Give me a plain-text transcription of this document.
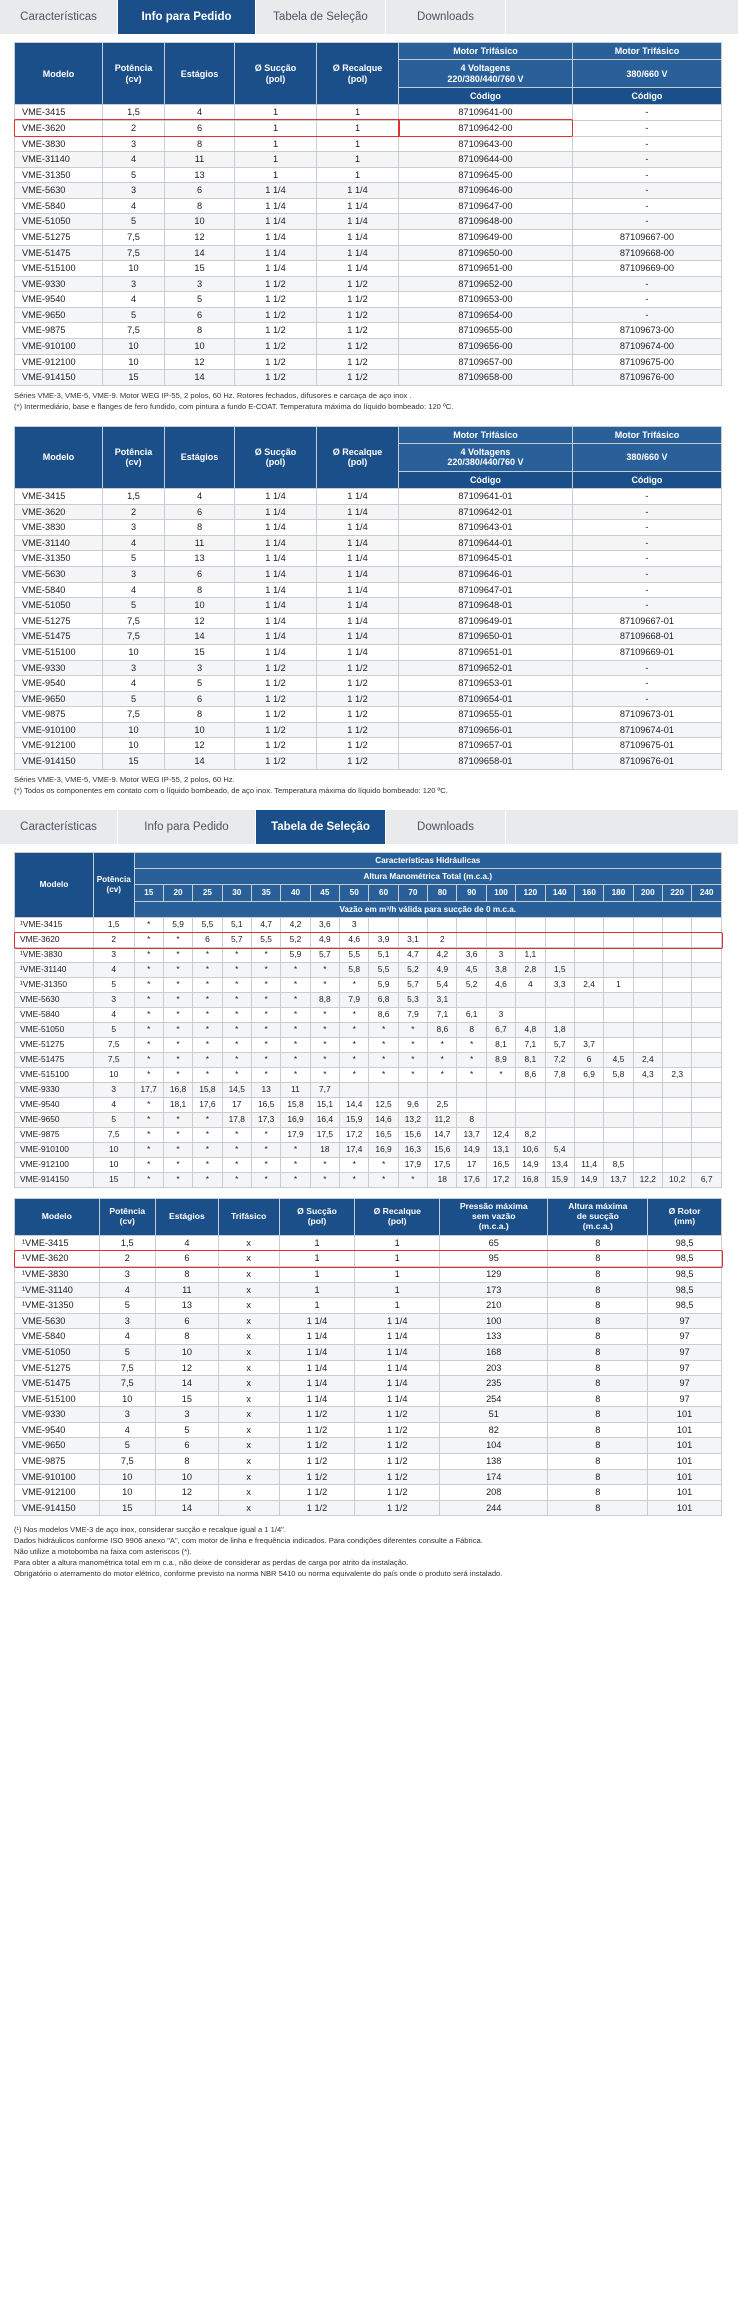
Características	Info para Pedido	Tabela de Seleção	Downloads
Modelo	Potência
(cv)	Estágios	Ø Sucção
(pol)	Ø Recalque
(pol)	Motor Trifásico	Motor Trifásico
					4 Voltagens
220/380/440/760 V	380/660 V
					Código	Código
VME-3415	1,5	4	1	1	87109641-00	-
VME-3620	2	6	1	1	87109642-00	-
VME-3830	3	8	1	1	87109643-00	-
VME-31140	4	11	1	1	87109644-00	-
VME-31350	5	13	1	1	87109645-00	-
VME-5630	3	6	1 1/4	1 1/4	87109646-00	-
VME-5840	4	8	1 1/4	1 1/4	87109647-00	-
VME-51050	5	10	1 1/4	1 1/4	87109648-00	-
VME-51275	7,5	12	1 1/4	1 1/4	87109649-00	87109667-00
VME-51475	7,5	14	1 1/4	1 1/4	87109650-00	87109668-00
VME-515100	10	15	1 1/4	1 1/4	87109651-00	87109669-00
VME-9330	3	3	1 1/2	1 1/2	87109652-00	-
VME-9540	4	5	1 1/2	1 1/2	87109653-00	-
VME-9650	5	6	1 1/2	1 1/2	87109654-00	-
VME-9875	7,5	8	1 1/2	1 1/2	87109655-00	87109673-00
VME-910100	10	10	1 1/2	1 1/2	87109656-00	87109674-00
VME-912100	10	12	1 1/2	1 1/2	87109657-00	87109675-00
VME-914150	15	14	1 1/2	1 1/2	87109658-00	87109676-00
Séries VME-3, VME-5, VME-9. Motor WEG IP-55, 2 polos, 60 Hz. Rotores fechados, difusores e carcaça de aço inox .
(*) Intermediário, base e flanges de fero fundido, com pintura a fundo E-COAT. Temperatura máxima do líquido bombeado: 120 ºC.
Modelo	Potência
(cv)	Estágios	Ø Sucção
(pol)	Ø Recalque
(pol)	Motor Trifásico	Motor Trifásico
					4 Voltagens
220/380/440/760 V	380/660 V
					Código	Código
VME-3415	1,5	4	1 1/4	1 1/4	87109641-01	-
VME-3620	2	6	1 1/4	1 1/4	87109642-01	-
VME-3830	3	8	1 1/4	1 1/4	87109643-01	-
VME-31140	4	11	1 1/4	1 1/4	87109644-01	-
VME-31350	5	13	1 1/4	1 1/4	87109645-01	-
VME-5630	3	6	1 1/4	1 1/4	87109646-01	-
VME-5840	4	8	1 1/4	1 1/4	87109647-01	-
VME-51050	5	10	1 1/4	1 1/4	87109648-01	-
VME-51275	7,5	12	1 1/4	1 1/4	87109649-01	87109667-01
VME-51475	7,5	14	1 1/4	1 1/4	87109650-01	87109668-01
VME-515100	10	15	1 1/4	1 1/4	87109651-01	87109669-01
VME-9330	3	3	1 1/2	1 1/2	87109652-01	-
VME-9540	4	5	1 1/2	1 1/2	87109653-01	-
VME-9650	5	6	1 1/2	1 1/2	87109654-01	-
VME-9875	7,5	8	1 1/2	1 1/2	87109655-01	87109673-01
VME-910100	10	10	1 1/2	1 1/2	87109656-01	87109674-01
VME-912100	10	12	1 1/2	1 1/2	87109657-01	87109675-01
VME-914150	15	14	1 1/2	1 1/2	87109658-01	87109676-01
Séries VME-3, VME-5, VME-9. Motor WEG IP-55, 2 polos, 60 Hz.
(*) Todos os componentes em contato com o líquido bombeado, de aço inox. Temperatura máxima do líquido bombeado: 120 ºC.
Características	Info para Pedido	Tabela de Seleção	Downloads
Modelo	Potência
(cv)	Características Hidráulicas																			
		Altura Manométrica Total (m.c.a.)																			
		15	20	25	30	35	40	45	50	60	70	80	90	100	120	140	160	180	200	220	240
		Vazão em m³/h válida para sucção de 0 m.c.a.																			
¹VME-3415	1,5	*	5,9	5,5	5,1	4,7	4,2	3,6	3												
VME-3620	2	*	*	6	5,7	5,5	5,2	4,9	4,6	3,9	3,1	2									
¹VME-3830	3	*	*	*	*	*	5,9	5,7	5,5	5,1	4,7	4,2	3,6	3	1,1						
¹VME-31140	4	*	*	*	*	*	*	*	5,8	5,5	5,2	4,9	4,5	3,8	2,8	1,5					
¹VME-31350	5	*	*	*	*	*	*	*	*	5,9	5,7	5,4	5,2	4,6	4	3,3	2,4	1			
VME-5630	3	*	*	*	*	*	*	8,8	7,9	6,8	5,3	3,1									
VME-5840	4	*	*	*	*	*	*	*	*	8,6	7,9	7,1	6,1	3							
VME-51050	5	*	*	*	*	*	*	*	*	*	*	8,6	8	6,7	4,8	1,8					
VME-51275	7,5	*	*	*	*	*	*	*	*	*	*	*	*	8,1	7,1	5,7	3,7				
VME-51475	7,5	*	*	*	*	*	*	*	*	*	*	*	*	8,9	8,1	7,2	6	4,5	2,4		
VME-515100	10	*	*	*	*	*	*	*	*	*	*	*	*	*	8,6	7,8	6,9	5,8	4,3	2,3	
VME-9330	3	17,7	16,8	15,8	14,5	13	11	7,7													
VME-9540	4	*	18,1	17,6	17	16,5	15,8	15,1	14,4	12,5	9,6	2,5									
VME-9650	5	*	*	*	17,8	17,3	16,9	16,4	15,9	14,6	13,2	11,2	8								
VME-9875	7,5	*	*	*	*	*	17,9	17,5	17,2	16,5	15,6	14,7	13,7	12,4	8,2						
VME-910100	10	*	*	*	*	*	*	18	17,4	16,9	16,3	15,6	14,9	13,1	10,6	5,4					
VME-912100	10	*	*	*	*	*	*	*	*	*	17,9	17,5	17	16,5	14,9	13,4	11,4	8,5			
VME-914150	15	*	*	*	*	*	*	*	*	*	*	18	17,6	17,2	16,8	15,9	14,9	13,7	12,2	10,2	6,7
Modelo	Potência
(cv)	Estágios	Trifásico	Ø Sucção
(pol)	Ø Recalque
(pol)	Pressão máxima
sem vazão
(m.c.a.)	Altura máxima
de sucção
(m.c.a.)	Ø Rotor
(mm)
¹VME-3415	1,5	4	x	1	1	65	8	98,5
¹VME-3620	2	6	x	1	1	95	8	98,5
¹VME-3830	3	8	x	1	1	129	8	98,5
¹VME-31140	4	11	x	1	1	173	8	98,5
¹VME-31350	5	13	x	1	1	210	8	98,5
VME-5630	3	6	x	1 1/4	1 1/4	100	8	97
VME-5840	4	8	x	1 1/4	1 1/4	133	8	97
VME-51050	5	10	x	1 1/4	1 1/4	168	8	97
VME-51275	7,5	12	x	1 1/4	1 1/4	203	8	97
VME-51475	7,5	14	x	1 1/4	1 1/4	235	8	97
VME-515100	10	15	x	1 1/4	1 1/4	254	8	97
VME-9330	3	3	x	1 1/2	1 1/2	51	8	101
VME-9540	4	5	x	1 1/2	1 1/2	82	8	101
VME-9650	5	6	x	1 1/2	1 1/2	104	8	101
VME-9875	7,5	8	x	1 1/2	1 1/2	138	8	101
VME-910100	10	10	x	1 1/2	1 1/2	174	8	101
VME-912100	10	12	x	1 1/2	1 1/2	208	8	101
VME-914150	15	14	x	1 1/2	1 1/2	244	8	101
(¹) Nos modelos VME-3 de aço inox, considerar sucção e recalque igual a 1 1/4".
Dados hidráulicos conforme ISO 9906 anexo "A", com motor de linha e frequência indicados. Para condições diferentes consulte a Fábrica.
Não utilize a motobomba na faixa com asteriscos (*).
Para obter a altura manométrica total em m c.a., não deixe de considerar as perdas de carga por atrito da instalação.
Obrigatório o aterramento do motor elétrico, conforme previsto na norma NBR 5410 ou norma equivalente do país onde o produto será instalado.
